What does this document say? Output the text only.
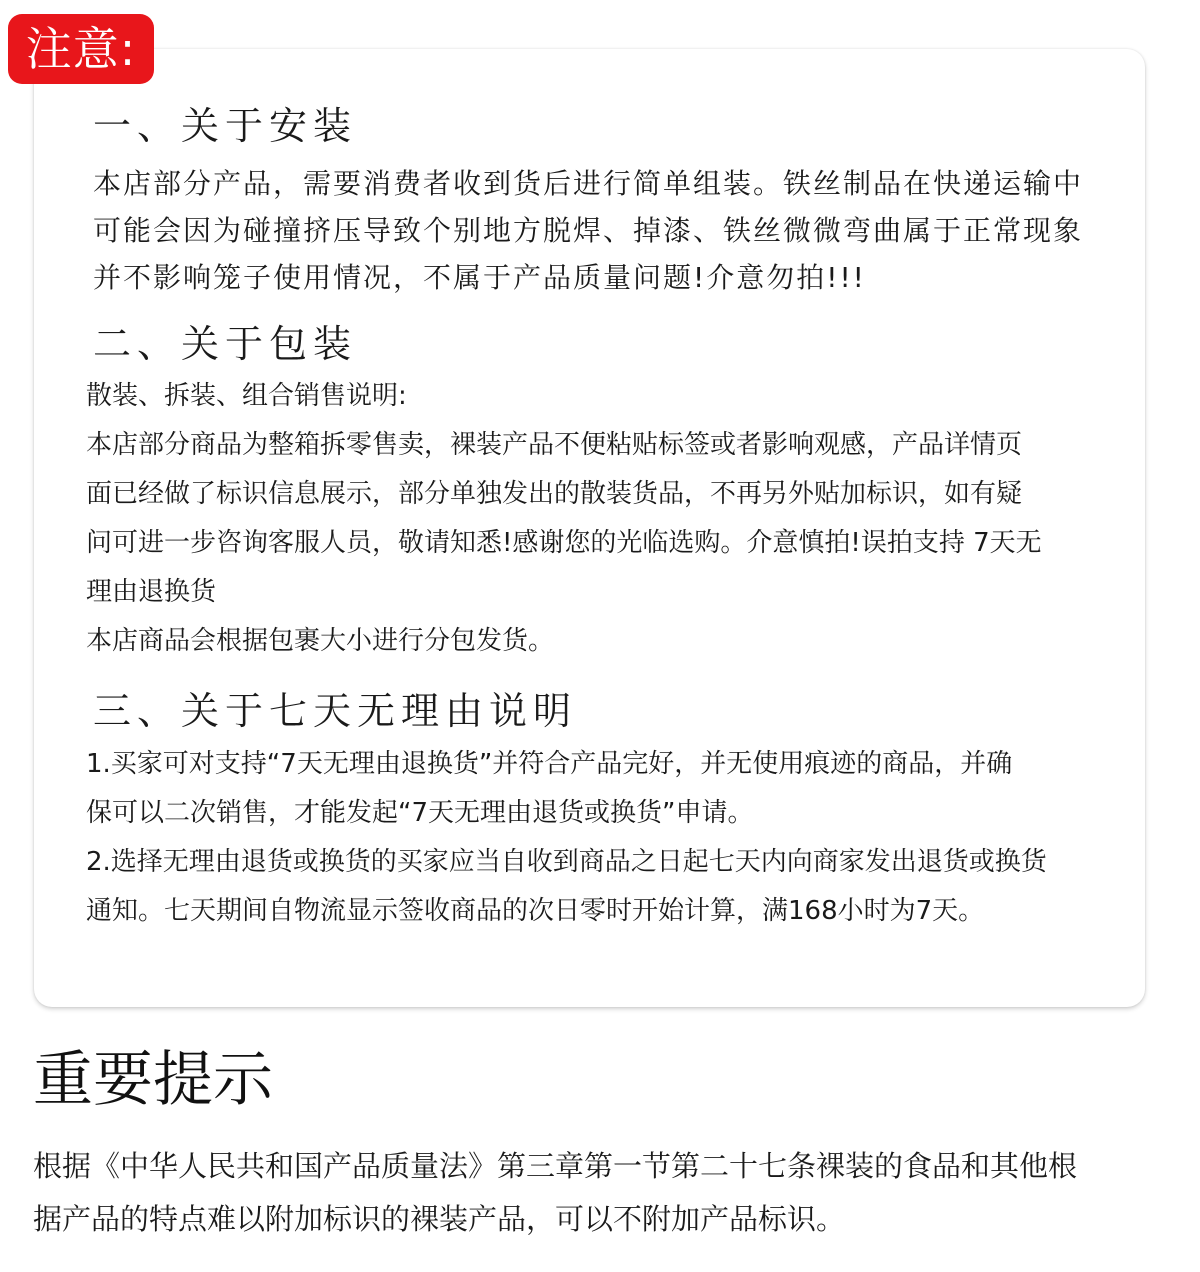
注意:
一、关于安装
本店部分产品，需要消费者收到货后进行简单组装。铁丝制品在快递运输中
可能会因为碰撞挤压导致个别地方脱焊、掉漆、铁丝微微弯曲属于正常现象
并不影响笼子使用情况，不属于产品质量问题!介意勿拍!!!
二、关于包装
散装、拆装、组合销售说明:
本店部分商品为整箱拆零售卖，裸装产品不便粘贴标签或者影响观感，产品详情页
面已经做了标识信息展示，部分单独发出的散装货品，不再另外贴加标识，如有疑
问可进一步咨询客服人员，敬请知悉!感谢您的光临选购。介意慎拍!误拍支持 7天无
理由退换货
本店商品会根据包裹大小进行分包发货。
三、关于七天无理由说明
1.买家可对支持“7天无理由退换货”并符合产品完好，并无使用痕迹的商品，并确
保可以二次销售，才能发起“7天无理由退货或换货”申请。
2.选择无理由退货或换货的买家应当自收到商品之日起七天内向商家发出退货或换货
通知。七天期间自物流显示签收商品的次日零时开始计算，满168小时为7天。
重要提示
根据《中华人民共和国产品质量法》第三章第一节第二十七条裸装的食品和其他根
据产品的特点难以附加标识的裸装产品，可以不附加产品标识。
